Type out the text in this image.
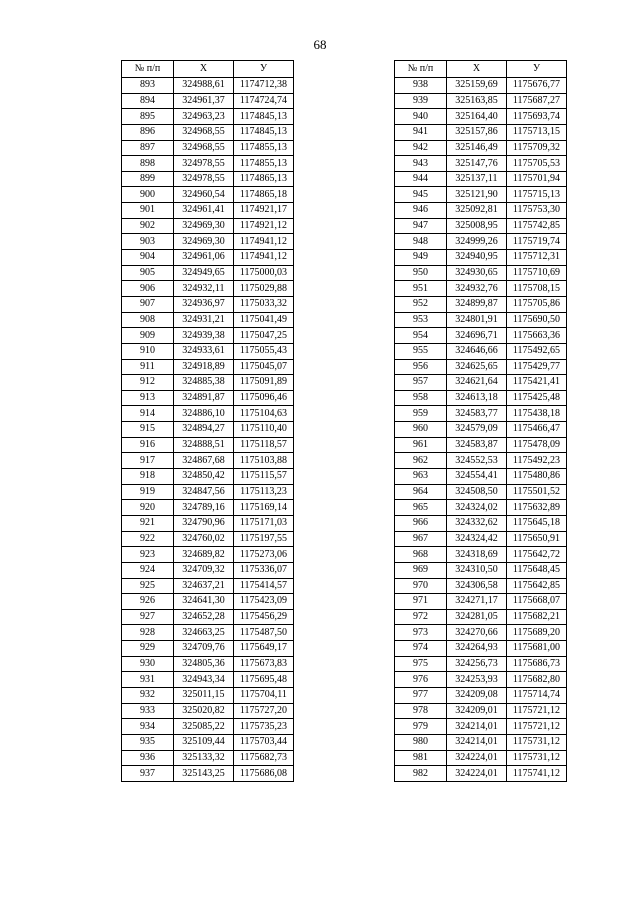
68
№ п/п	X	У
893	324988,61	1174712,38
894	324961,37	1174724,74
895	324963,23	1174845,13
896	324968,55	1174845,13
897	324968,55	1174855,13
898	324978,55	1174855,13
899	324978,55	1174865,13
900	324960,54	1174865,18
901	324961,41	1174921,17
902	324969,30	1174921,12
903	324969,30	1174941,12
904	324961,06	1174941,12
905	324949,65	1175000,03
906	324932,11	1175029,88
907	324936,97	1175033,32
908	324931,21	1175041,49
909	324939,38	1175047,25
910	324933,61	1175055,43
911	324918,89	1175045,07
912	324885,38	1175091,89
913	324891,87	1175096,46
914	324886,10	1175104,63
915	324894,27	1175110,40
916	324888,51	1175118,57
917	324867,68	1175103,88
918	324850,42	1175115,57
919	324847,56	1175113,23
920	324789,16	1175169,14
921	324790,96	1175171,03
922	324760,02	1175197,55
923	324689,82	1175273,06
924	324709,32	1175336,07
925	324637,21	1175414,57
926	324641,30	1175423,09
927	324652,28	1175456,29
928	324663,25	1175487,50
929	324709,76	1175649,17
930	324805,36	1175673,83
931	324943,34	1175695,48
932	325011,15	1175704,11
933	325020,82	1175727,20
934	325085,22	1175735,23
935	325109,44	1175703,44
936	325133,32	1175682,73
937	325143,25	1175686,08
№ п/п	X	У
938	325159,69	1175676,77
939	325163,85	1175687,27
940	325164,40	1175693,74
941	325157,86	1175713,15
942	325146,49	1175709,32
943	325147,76	1175705,53
944	325137,11	1175701,94
945	325121,90	1175715,13
946	325092,81	1175753,30
947	325008,95	1175742,85
948	324999,26	1175719,74
949	324940,95	1175712,31
950	324930,65	1175710,69
951	324932,76	1175708,15
952	324899,87	1175705,86
953	324801,91	1175690,50
954	324696,71	1175663,36
955	324646,66	1175492,65
956	324625,65	1175429,77
957	324621,64	1175421,41
958	324613,18	1175425,48
959	324583,77	1175438,18
960	324579,09	1175466,47
961	324583,87	1175478,09
962	324552,53	1175492,23
963	324554,41	1175480,86
964	324508,50	1175501,52
965	324324,02	1175632,89
966	324332,62	1175645,18
967	324324,42	1175650,91
968	324318,69	1175642,72
969	324310,50	1175648,45
970	324306,58	1175642,85
971	324271,17	1175668,07
972	324281,05	1175682,21
973	324270,66	1175689,20
974	324264,93	1175681,00
975	324256,73	1175686,73
976	324253,93	1175682,80
977	324209,08	1175714,74
978	324209,01	1175721,12
979	324214,01	1175721,12
980	324214,01	1175731,12
981	324224,01	1175731,12
982	324224,01	1175741,12
